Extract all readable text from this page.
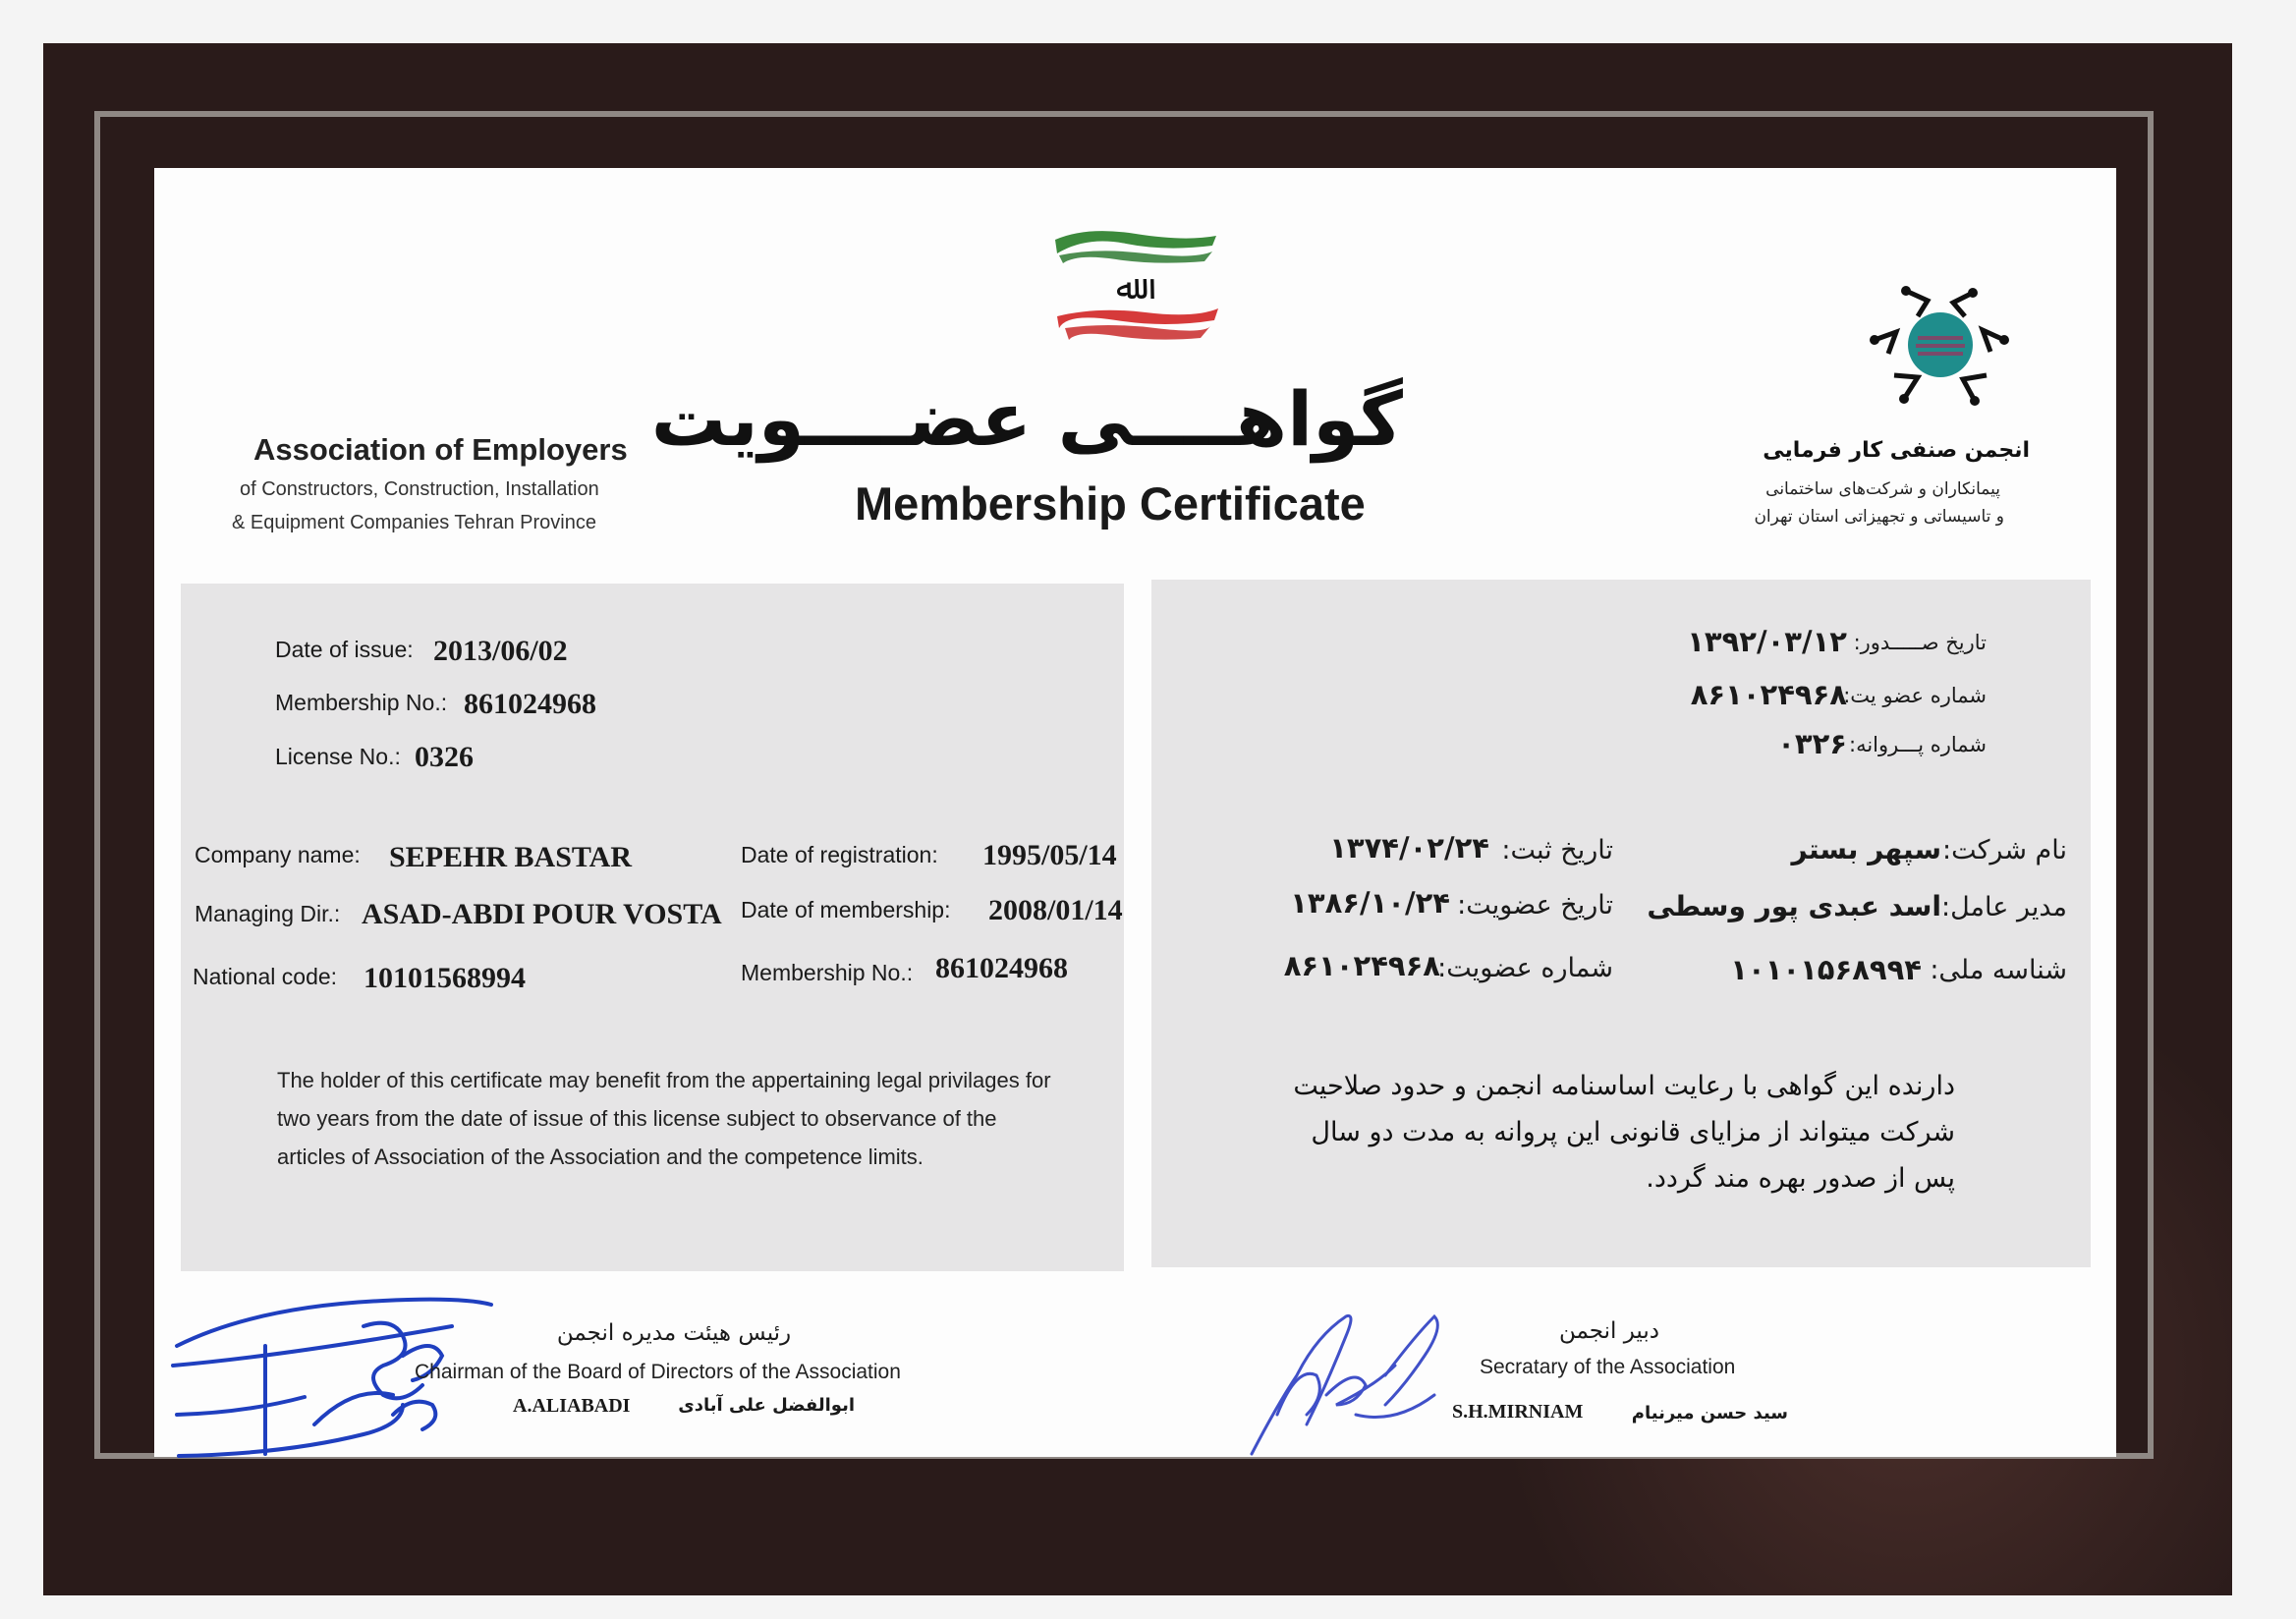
ﷲ
گواهــــی عضــــویت
Membership Certificate
Association of Employers
of Constructors, Construction, Installation
& Equipment Companies Tehran Province
انجمن صنفی کار فرمایی
پیمانکاران و شرکت‌های ساختمانی
و تاسیساتی و تجهیزاتی استان تهران
Date of issue: 2013/06/02
Membership No.: 861024968
License No.: 0326
Company name: SEPEHR BASTAR
Managing Dir.: ASAD-ABDI POUR VOSTA
National code: 10101568994
Date of registration: 1995/05/14
Date of membership: 2008/01/14
Membership No.: 861024968
The holder of this certificate may benefit from the appertaining legal privilages for two years from the date of issue of this license subject to observance of the articles of Association of the Association and the competence limits.
تاریخ صـــــدور:
۱۳۹۲/۰۳/۱۲
شماره عضو یت:
۸۶۱۰۲۴۹۶۸
شماره پـــروانه:
۰۳۲۶
نام شرکت:
سپهر بستر
مدیر عامل:
اسد عبدی پور وسطی
شناسه ملی:
۱۰۱۰۱۵۶۸۹۹۴
تاریخ ثبت:
۱۳۷۴/۰۲/۲۴
تاریخ عضویت:
۱۳۸۶/۱۰/۲۴
شماره عضویت:
۸۶۱۰۲۴۹۶۸
دارنده این گواهی با رعایت اساسنامه انجمن و حدود صلاحیت شرکت میتواند از مزایای قانونی این پروانه به مدت دو سال پس از صدور بهره مند گردد.
رئیس هیئت مدیره انجمن
Chairman of the Board of Directors of the Association
A.ALIABADI	ابوالفضل علی آبادی
دبیر انجمن
Secratary of the Association
S.H.MIRNIAM	سید حسن میرنیام
